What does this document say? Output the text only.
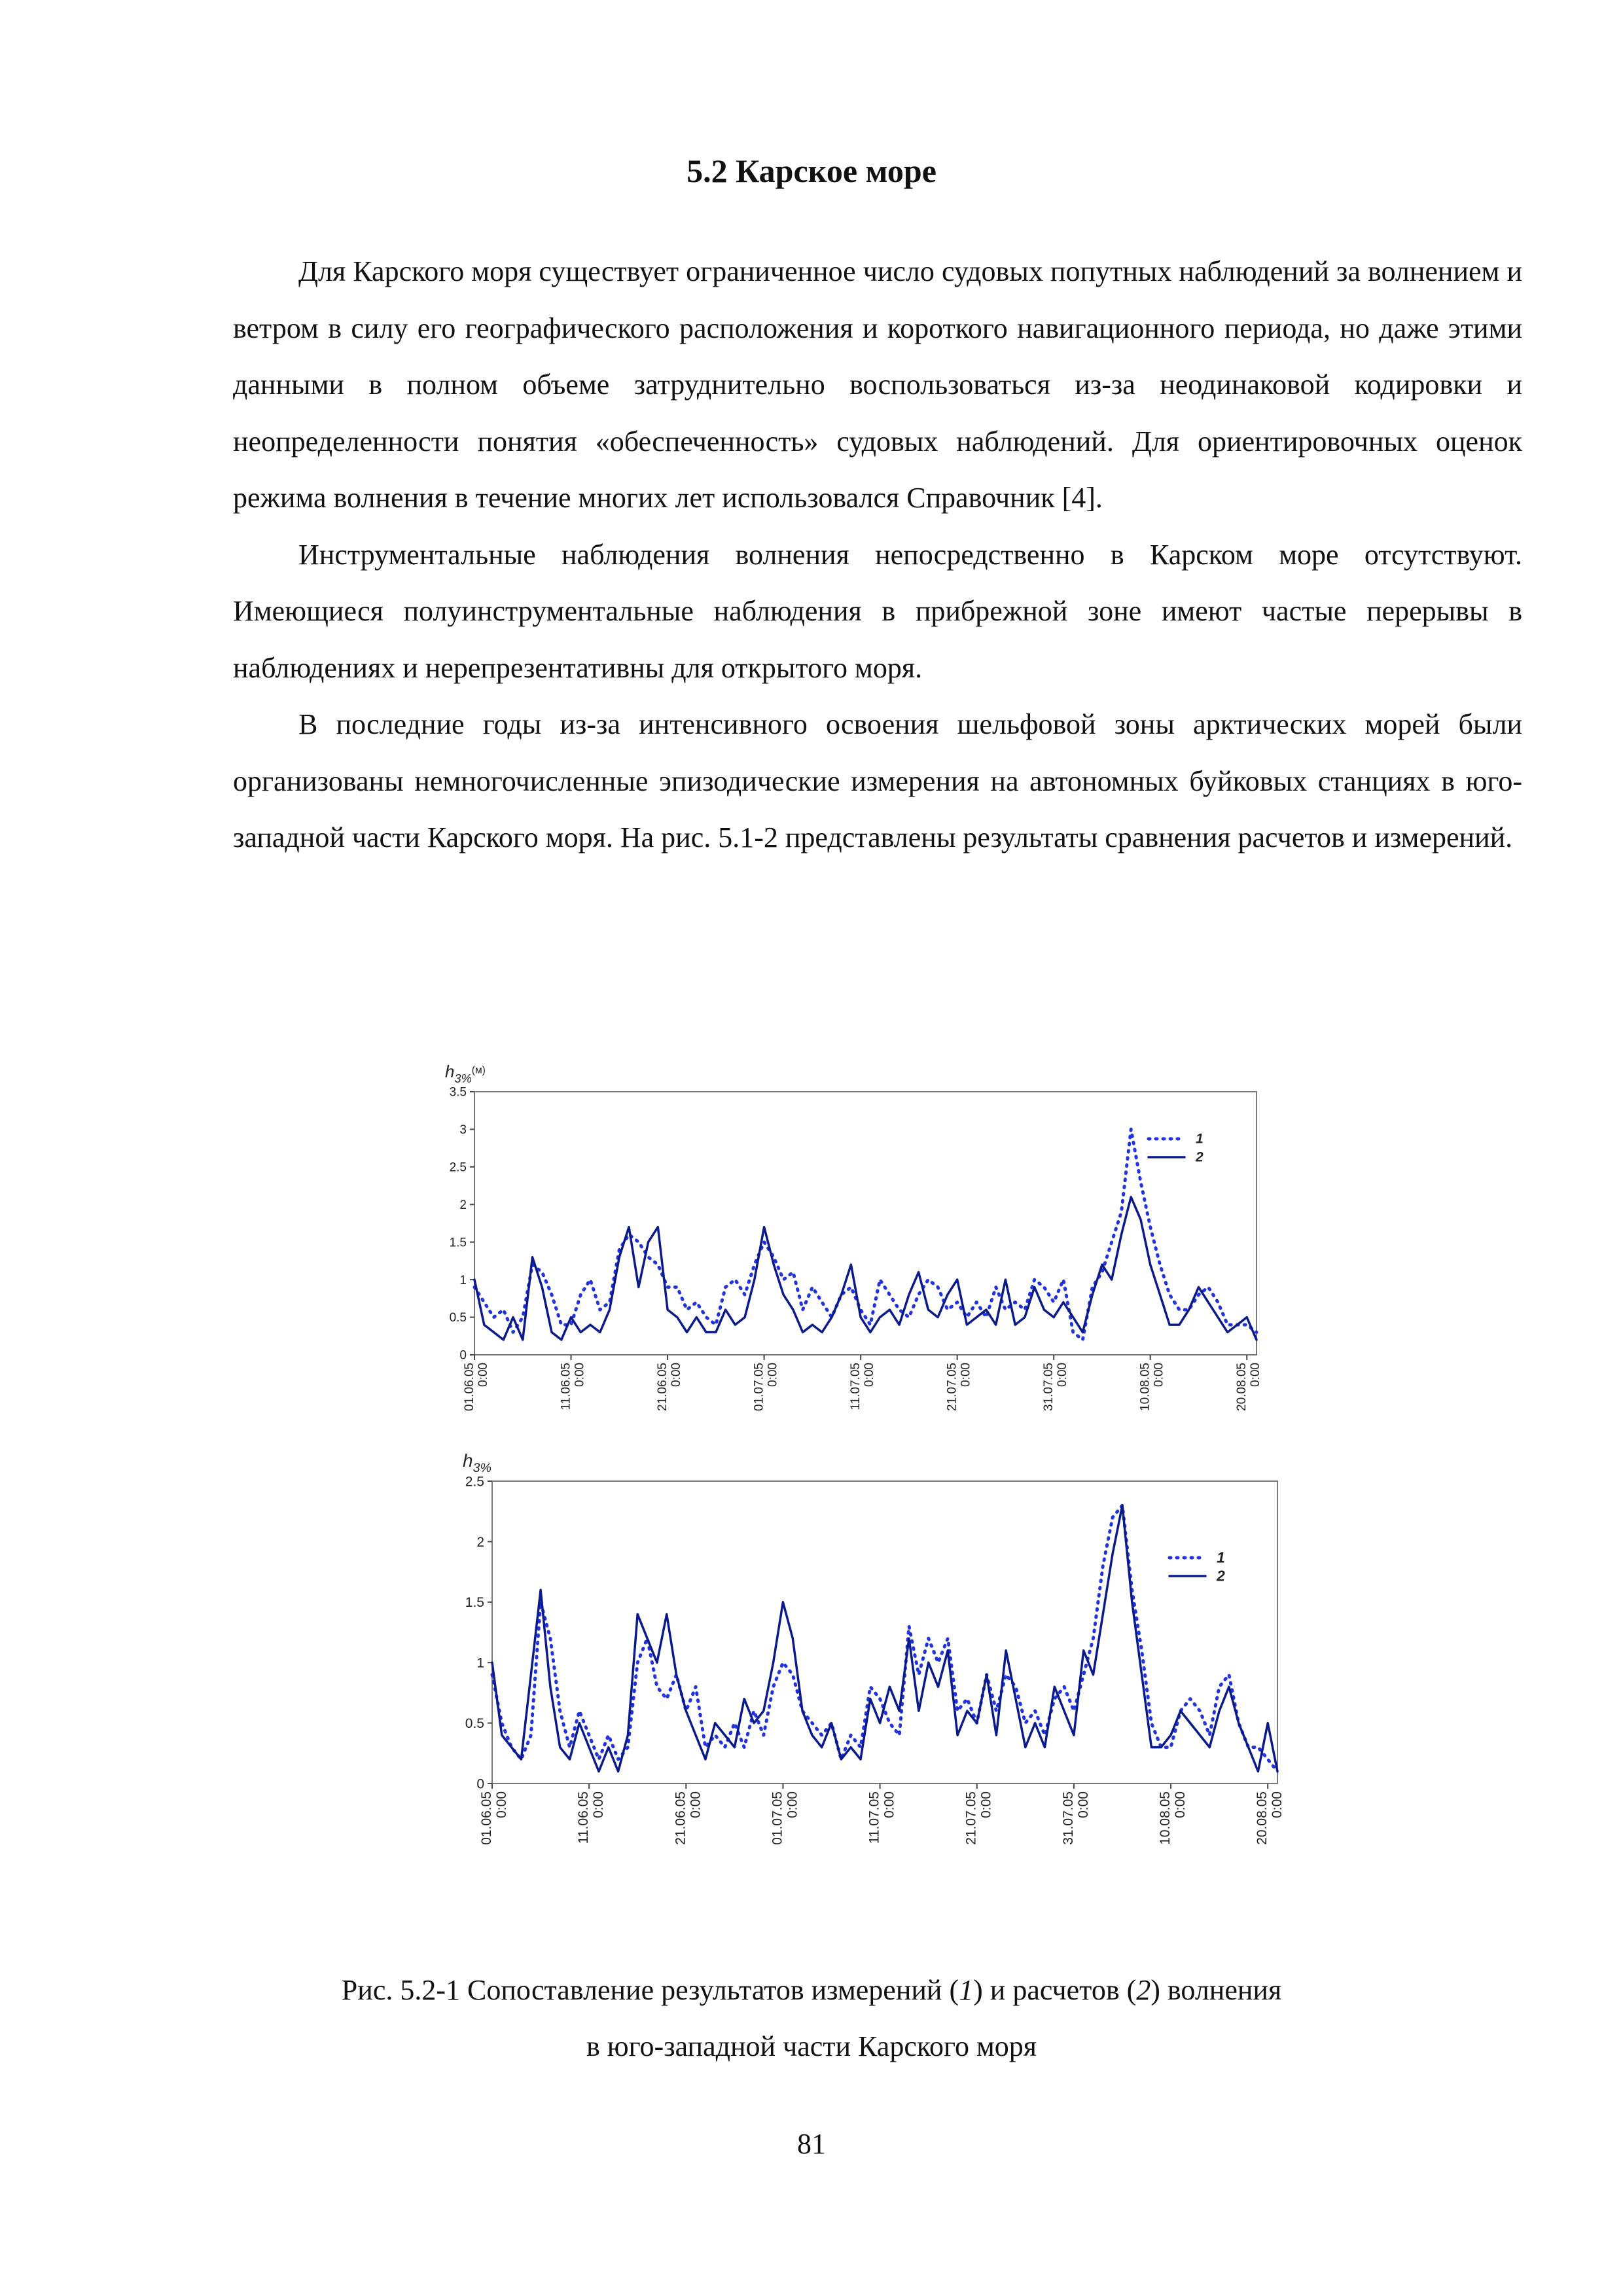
5.2 Карское море

Для Карского моря существует ограниченное число судовых попутных наблюдений за волнением и ветром в силу его географического расположения и короткого навигационного периода, но даже этими данными в полном объеме затруднительно воспользоваться из-за неодинаковой кодировки и неопределенности понятия «обеспеченность» судовых наблюдений. Для ориентировочных оценок режима волнения в течение многих лет использовался Справочник [4].

Инструментальные наблюдения волнения непосредственно в Карском море отсутствуют. Имеющиеся полуинструментальные наблюдения в прибрежной зоне имеют частые перерывы в наблюдениях и нерепрезентативны для открытого моря.

В последние годы из-за интенсивного освоения шельфовой зоны арктических морей были организованы немногочисленные эпизодические измерения на автономных буйковых станциях в юго-западной части Карского моря. На рис. 5.1-2 представлены результаты сравнения расчетов и измерений.

$h_{3\%}^{(м)}$
0
0.5
1
1.5
2
2.5
3
3.5
01.06.05 0:00	11.06.05 0:00	21.06.05 0:00	01.07.05 0:00	11.07.05 0:00	21.07.05 0:00	31.07.05 0:00	10.08.05 0:00	20.08.05 0:00
1
2
$h_{3\%}$
0
0.5
1
1.5
2
2.5
01.06.05 0:00	11.06.05 0:00	21.06.05 0:00	01.07.05 0:00	11.07.05 0:00	21.07.05 0:00	31.07.05 0:00	10.08.05 0:00	20.08.05 0:00
1
2
Рис. 5.2-1 Сопоставление результатов измерений (1) и расчетов (2) волнения
в юго-западной части Карского моря
81
